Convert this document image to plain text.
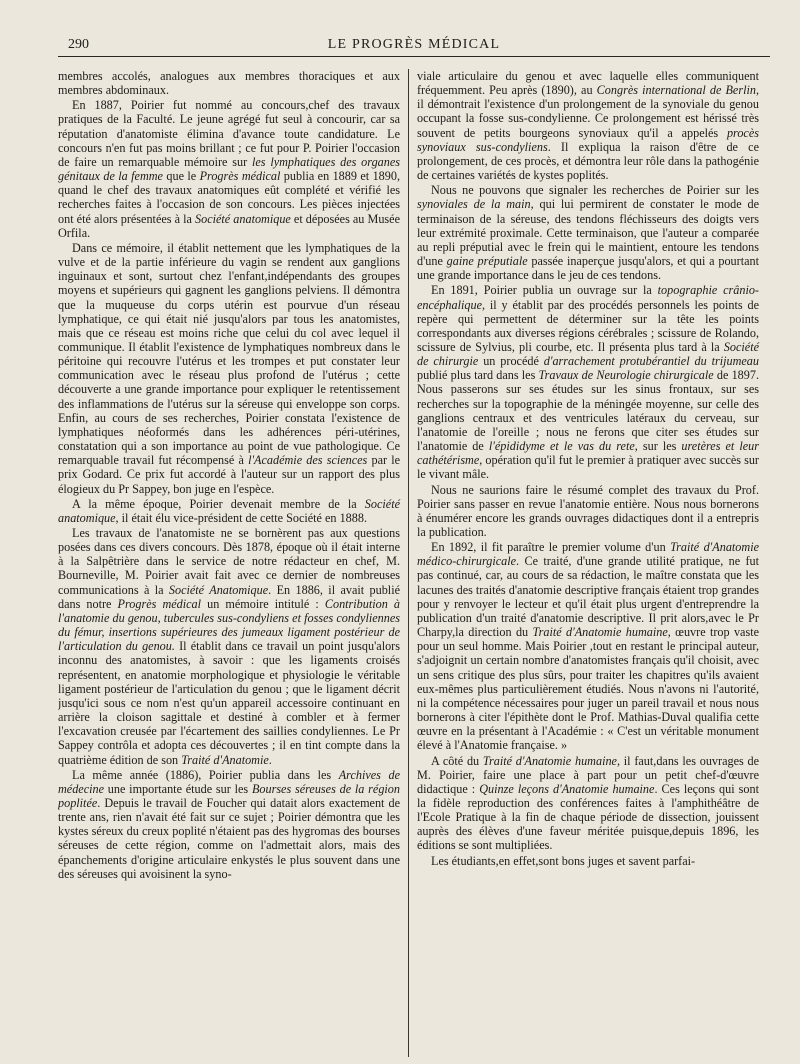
290	LE PROGRÈS MÉDICAL

membres accolés, analogues aux membres thoraciques et aux membres abdominaux.

En 1887, Poirier fut nommé au concours,chef des travaux pratiques de la Faculté. Le jeune agrégé fut seul à concourir, car sa réputation d'anatomiste élimina d'avance toute candidature. Le concours n'en fut pas moins brillant ; ce fut pour P. Poirier l'occasion de faire un remarquable mémoire sur les lymphatiques des organes génitaux de la femme que le Progrès médical publia en 1889 et 1890, quand le chef des travaux anatomiques eût complété et vérifié les recherches faites à l'occasion de son concours. Les pièces injectées ont été alors présentées à la Société anatomique et déposées au Musée Orfila.

Dans ce mémoire, il établit nettement que les lymphatiques de la vulve et de la partie inférieure du vagin se rendent aux ganglions inguinaux et sont, surtout chez l'enfant,indépendants des groupes moyens et supérieurs qui gagnent les ganglions pelviens. Il démontra que la muqueuse du corps utérin est pourvue d'un réseau lymphatique, ce qui était nié jusqu'alors par tous les anatomistes, mais que ce réseau est moins riche que celui du col avec lequel il communique. Il établit l'existence de lymphatiques nombreux dans le péritoine qui recouvre l'utérus et les trompes et put constater leur communication avec le réseau plus profond de l'utérus ; cette découverte a une grande importance pour expliquer le retentissement des inflammations de l'utérus sur la séreuse qui enveloppe son corps. Enfin, au cours de ses recherches, Poirier constata l'existence de lymphatiques néoformés dans les adhérences péri-utérines, constatation qui a son importance au point de vue pathologique. Ce remarquable travail fut récompensé à l'Académie des sciences par le prix Godard. Ce prix fut accordé à l'auteur sur un rapport des plus élogieux du Pr Sappey, bon juge en l'espèce.

A la même époque, Poirier devenait membre de la Société anatomique, il était élu vice-président de cette Société en 1888.

Les travaux de l'anatomiste ne se bornèrent pas aux questions posées dans ces divers concours. Dès 1878, époque où il était interne à la Salpêtrière dans le service de notre rédacteur en chef, M. Bourneville, M. Poirier avait fait avec ce dernier de nombreuses communications à la Société Anatomique. En 1886, il avait publié dans notre Progrès médical un mémoire intitulé : Contribution à l'anatomie du genou, tubercules sus-condyliens et fosses condyliennes du fémur, insertions supérieures des jumeaux ligament postérieur de l'articulation du genou. Il établit dans ce travail un point jusqu'alors inconnu des anatomistes, à savoir : que les ligaments croisés représentent, en anatomie morphologique et physiologie le véritable ligament postérieur de l'articulation du genou ; que le ligament décrit jusqu'ici sous ce nom n'est qu'un appareil accessoire continuant en arrière la cloison sagittale et destiné à combler et à fermer l'excavation creusée par l'écartement des saillies condyliennes. Le Pr Sappey contrôla et adopta ces découvertes ; il en tint compte dans la quatrième édition de son Traité d'Anatomie.

La même année (1886), Poirier publia dans les Archives de médecine une importante étude sur les Bourses séreuses de la région poplitée. Depuis le travail de Foucher qui datait alors exactement de trente ans, rien n'avait été fait sur ce sujet ; Poirier démontra que les kystes séreux du creux poplité n'étaient pas des hygromas des bourses séreuses de cette région, comme on l'admettait alors, mais des épanchements d'origine articulaire enkystés le plus souvent dans une des séreuses qui avoisinent la syno-

viale articulaire du genou et avec laquelle elles communiquent fréquemment. Peu après (1890), au Congrès international de Berlin, il démontrait l'existence d'un prolongement de la synoviale du genou occupant la fosse sus-condylienne. Ce prolongement est hérissé très souvent de petits bourgeons synoviaux qu'il a appelés procès synoviaux sus-condyliens. Il expliqua la raison d'être de ce prolongement, de ces procès, et démontra leur rôle dans la pathogénie de certaines variétés de kystes poplités.

Nous ne pouvons que signaler les recherches de Poirier sur les synoviales de la main, qui lui permirent de constater le mode de terminaison de la séreuse, des tendons fléchisseurs des doigts vers leur extrémité proximale. Cette terminaison, que l'auteur a comparée au repli préputial avec le frein qui le maintient, entoure les tendons d'une gaine préputiale passée inaperçue jusqu'alors, et qui a pourtant une grande importance dans le jeu de ces tendons.

En 1891, Poirier publia un ouvrage sur la topographie crânio-encéphalique, il y établit par des procédés personnels les points de repère qui permettent de déterminer sur la tête les points correspondants aux diverses régions cérébrales ; scissure de Rolando, scissure de Sylvius, pli courbe, etc. Il présenta plus tard à la Société de chirurgie un procédé d'arrachement protubérantiel du trijumeau publié plus tard dans les Travaux de Neurologie chirurgicale de 1897. Nous passerons sur ses études sur les sinus frontaux, sur ses recherches sur la topographie de la méningée moyenne, sur celle des ganglions centraux et des ventricules latéraux du cerveau, sur l'anatomie de l'oreille ; nous ne ferons que citer ses études sur l'anatomie de l'épididyme et le vas du rete, sur les uretères et leur cathétérisme, opération qu'il fut le premier à pratiquer avec succès sur le vivant mâle.

Nous ne saurions faire le résumé complet des travaux du Prof. Poirier sans passer en revue l'anatomie entière. Nous nous bornerons à énumérer encore les grands ouvrages didactiques dont il a entrepris la publication.

En 1892, il fit paraître le premier volume d'un Traité d'Anatomie médico-chirurgicale. Ce traité, d'une grande utilité pratique, ne fut pas continué, car, au cours de sa rédaction, le maître constata que les lacunes des traités d'anatomie descriptive français étaient trop grandes pour y renvoyer le lecteur et qu'il était plus urgent d'entreprendre la publication d'un traité d'anatomie descriptive. Il prit alors,avec le Pr Charpy,la direction du Traité d'Anatomie humaine, œuvre trop vaste pour un seul homme. Mais Poirier ,tout en restant le principal auteur, s'adjoignit un certain nombre d'anatomistes français qu'il choisit, avec un sens critique des plus sûrs, pour traiter les chapitres qu'ils avaient eux-mêmes plus particulièrement étudiés. Nous n'avons ni l'autorité, ni la compétence nécessaires pour juger un pareil travail et nous nous bornerons à citer l'épithète dont le Prof. Mathias-Duval qualifia cette œuvre en la présentant à l'Académie : « C'est un véritable monument élevé à l'Anatomie française. »

A côté du Traité d'Anatomie humaine, il faut,dans les ouvrages de M. Poirier, faire une place à part pour un petit chef-d'œuvre didactique : Quinze leçons d'Anatomie humaine. Ces leçons qui sont la fidèle reproduction des conférences faites à l'amphithéâtre de l'Ecole Pratique à la fin de chaque période de dissection, jouissent auprès des élèves d'une faveur méritée puisque,depuis 1896, les éditions se sont multipliées.

Les étudiants,en effet,sont bons juges et savent parfai-
